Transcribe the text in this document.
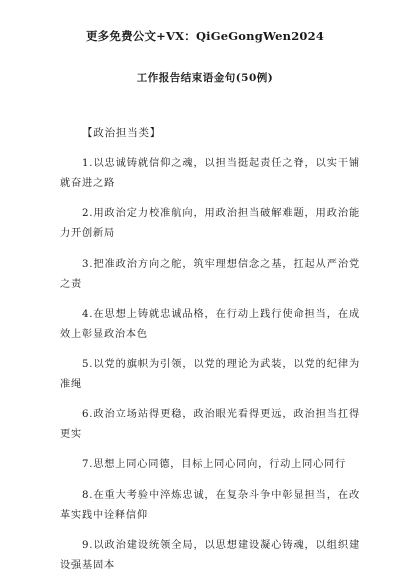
更多免费公文+VX：QiGeGongWen2024
工作报告结束语金句(50例)
【政治担当类】

1.以忠诚铸就信仰之魂，以担当挺起责任之脊，以实干铺就奋进之路

2.用政治定力校准航向，用政治担当破解难题，用政治能力开创新局

3.把准政治方向之舵，筑牢理想信念之基，扛起从严治党之责

4.在思想上铸就忠诚品格，在行动上践行使命担当，在成效上彰显政治本色

5.以党的旗帜为引领，以党的理论为武装，以党的纪律为准绳

6.政治立场站得更稳，政治眼光看得更远，政治担当扛得更实

7.思想上同心同德，目标上同心同向，行动上同心同行

8.在重大考验中淬炼忠诚，在复杂斗争中彰显担当，在改革实践中诠释信仰

9.以政治建设统领全局，以思想建设凝心铸魂，以组织建设强基固本
